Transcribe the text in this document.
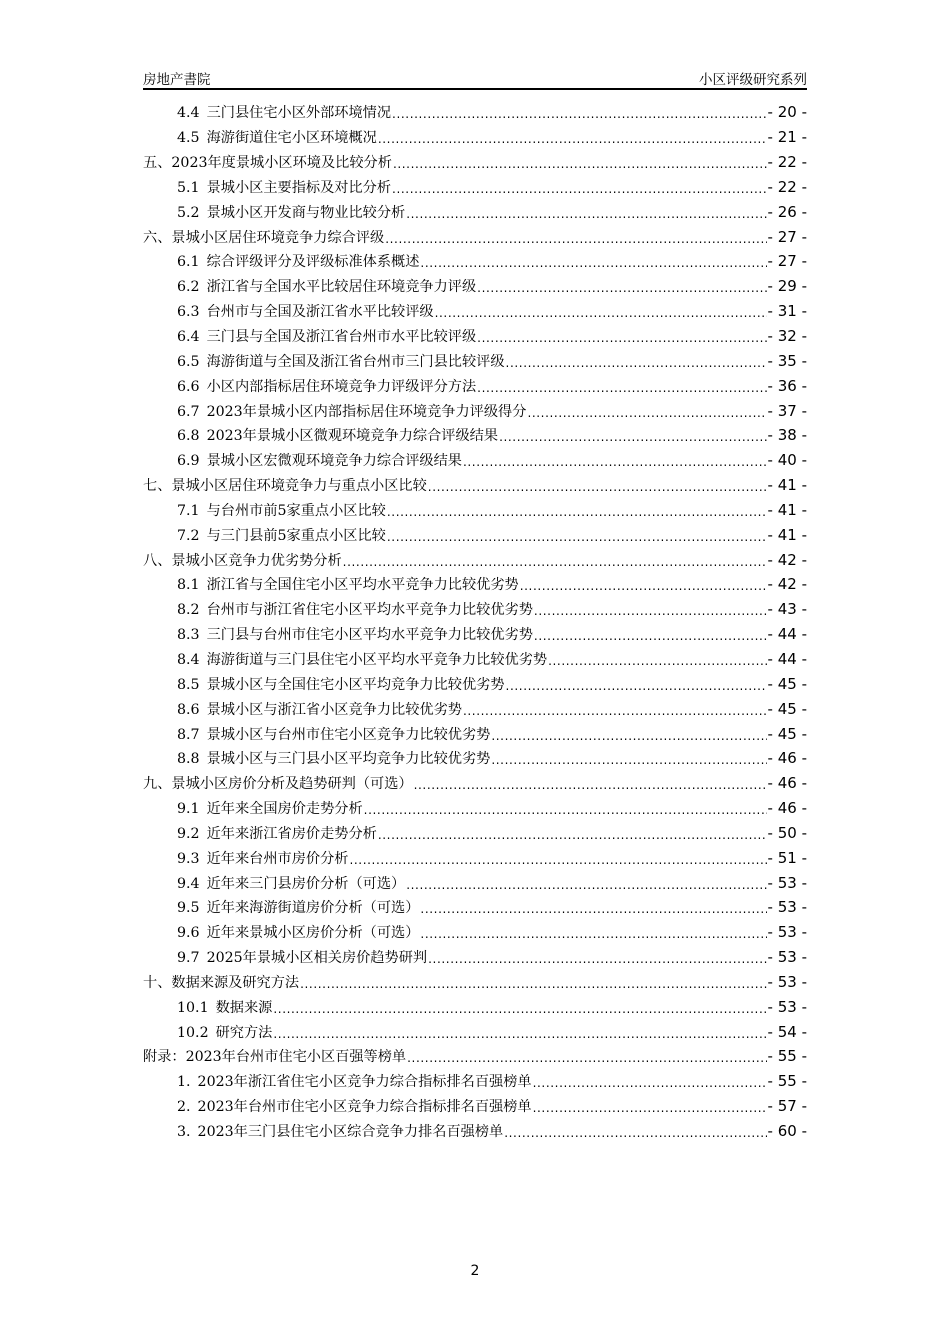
房地产書院	小区评级研究系列
4.4 三门县住宅小区外部环境情况 .....	- 20 -
4.5 海游街道住宅小区环境概况 .....	- 21 -
五、2023年度景城小区环境及比较分析 .....	- 22 -
5.1 景城小区主要指标及对比分析 .....	- 22 -
5.2 景城小区开发商与物业比较分析 .....	- 26 -
六、景城小区居住环境竞争力综合评级 .....	- 27 -
6.1 综合评级评分及评级标准体系概述 .....	- 27 -
6.2 浙江省与全国水平比较居住环境竞争力评级 .....	- 29 -
6.3 台州市与全国及浙江省水平比较评级 .....	- 31 -
6.4 三门县与全国及浙江省台州市水平比较评级 .....	- 32 -
6.5 海游街道与全国及浙江省台州市三门县比较评级 .....	- 35 -
6.6 小区内部指标居住环境竞争力评级评分方法 .....	- 36 -
6.7 2023年景城小区内部指标居住环境竞争力评级得分 .....	- 37 -
6.8 2023年景城小区微观环境竞争力综合评级结果 .....	- 38 -
6.9 景城小区宏微观环境竞争力综合评级结果 .....	- 40 -
七、景城小区居住环境竞争力与重点小区比较 .....	- 41 -
7.1 与台州市前5家重点小区比较 .....	- 41 -
7.2 与三门县前5家重点小区比较 .....	- 41 -
八、景城小区竞争力优劣势分析 .....	- 42 -
8.1 浙江省与全国住宅小区平均水平竞争力比较优劣势 .....	- 42 -
8.2 台州市与浙江省住宅小区平均水平竞争力比较优劣势 .....	- 43 -
8.3 三门县与台州市住宅小区平均水平竞争力比较优劣势 .....	- 44 -
8.4 海游街道与三门县住宅小区平均水平竞争力比较优劣势 .....	- 44 -
8.5 景城小区与全国住宅小区平均竞争力比较优劣势 .....	- 45 -
8.6 景城小区与浙江省小区竞争力比较优劣势 .....	- 45 -
8.7 景城小区与台州市住宅小区竞争力比较优劣势 .....	- 45 -
8.8 景城小区与三门县小区平均竞争力比较优劣势 .....	- 46 -
九、景城小区房价分析及趋势研判（可选） .....	- 46 -
9.1 近年来全国房价走势分析 .....	- 46 -
9.2 近年来浙江省房价走势分析 .....	- 50 -
9.3 近年来台州市房价分析 .....	- 51 -
9.4 近年来三门县房价分析（可选） .....	- 53 -
9.5 近年来海游街道房价分析（可选） .....	- 53 -
9.6 近年来景城小区房价分析（可选） .....	- 53 -
9.7 2025年景城小区相关房价趋势研判 .....	- 53 -
十、数据来源及研究方法 .....	- 53 -
10.1 数据来源 .....	- 53 -
10.2 研究方法 .....	- 54 -
附录：2023年台州市住宅小区百强等榜单 .....	- 55 -
1. 2023年浙江省住宅小区竞争力综合指标排名百强榜单 .....	- 55 -
2. 2023年台州市住宅小区竞争力综合指标排名百强榜单 .....	- 57 -
3. 2023年三门县住宅小区综合竞争力排名百强榜单 .....	- 60 -
2
